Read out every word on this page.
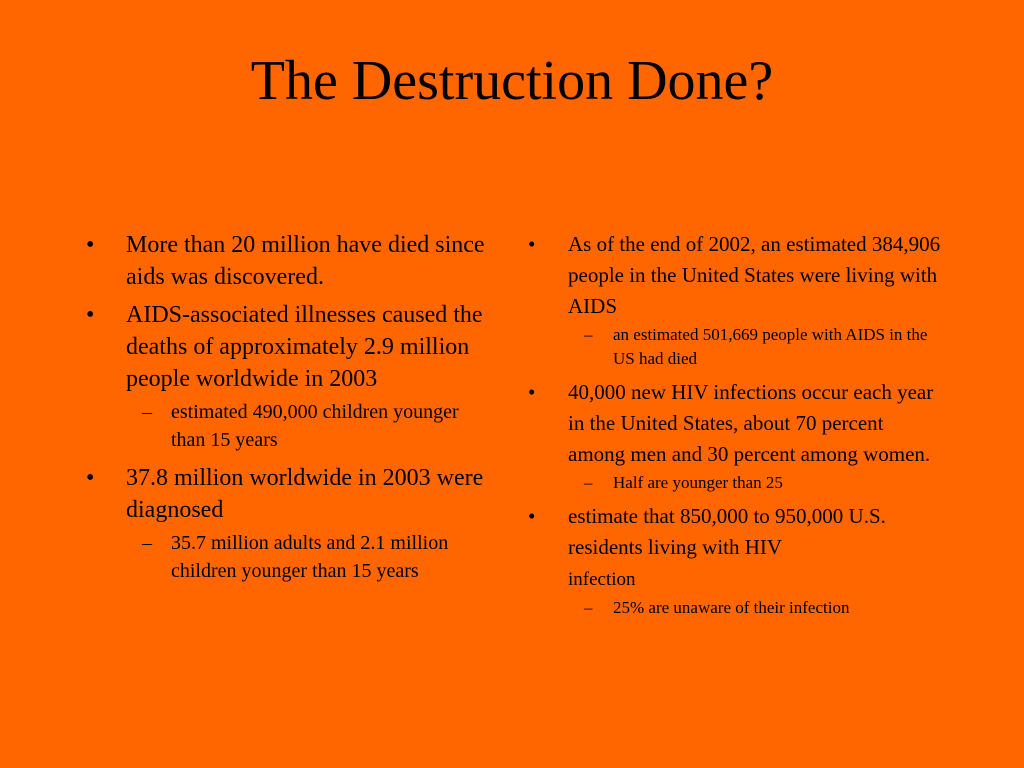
The Destruction Done?
• More than 20 million have died since aids was discovered.
• AIDS-associated illnesses caused the deaths of approximately 2.9 million people worldwide in 2003
– estimated 490,000 children younger than 15 years
• 37.8 million worldwide in 2003 were diagnosed
– 35.7 million adults and 2.1 million children younger than 15 years
• As of the end of 2002, an estimated 384,906 people in the United States were living with AIDS
– an estimated 501,669 people with AIDS in the US had died
• 40,000 new HIV infections occur each year in the United States, about 70 percent among men and 30 percent among women.
– Half are younger than 25
• estimate that 850,000 to 950,000 U.S. residents living with HIV
infection
– 25% are unaware of their infection
